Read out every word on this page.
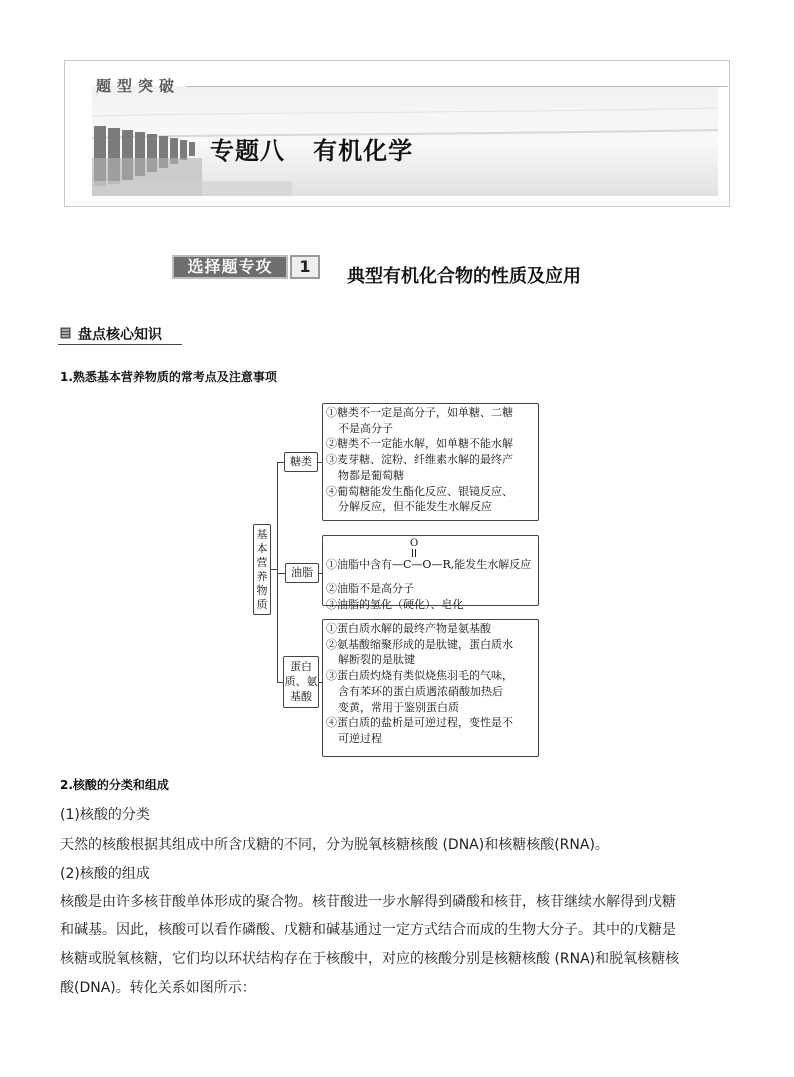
题型突破
专题八   有机化学
选择题专攻	1	典型有机化合物的性质及应用
盘点核心知识
1.熟悉基本营养物质的常考点及注意事项
基
本
营
养
物
质
糖类
油脂
蛋白
质、氨
基酸
①糖类不一定是高分子，如单糖、二糖
不是高分子
②糖类不一定能水解，如单糖不能水解
③麦芽糖、淀粉、纤维素水解的最终产
物都是葡萄糖
④葡萄糖能发生酯化反应、银镜反应、
分解反应，但不能发生水解反应
O
①油脂中含有—C—O—R,能发生水解反应
②油脂不是高分子
③油脂的氢化（硬化）、皂化
①蛋白质水解的最终产物是氨基酸
②氨基酸缩聚形成的是肽键，蛋白质水
解断裂的是肽键
③蛋白质灼烧有类似烧焦羽毛的气味，
含有苯环的蛋白质遇浓硝酸加热后
变黄，常用于鉴别蛋白质
④蛋白质的盐析是可逆过程，变性是不
可逆过程
2.核酸的分类和组成
(1)核酸的分类
天然的核酸根据其组成中所含戊糖的不同，分为脱氧核糖核酸 (DNA)和核糖核酸(RNA)。
(2)核酸的组成
核酸是由许多核苷酸单体形成的聚合物。核苷酸进一步水解得到磷酸和核苷，核苷继续水解得到戊糖
和碱基。因此，核酸可以看作磷酸、戊糖和碱基通过一定方式结合而成的生物大分子。其中的戊糖是
核糖或脱氧核糖，它们均以环状结构存在于核酸中，对应的核酸分别是核糖核酸 (RNA)和脱氧核糖核
酸(DNA)。转化关系如图所示：
